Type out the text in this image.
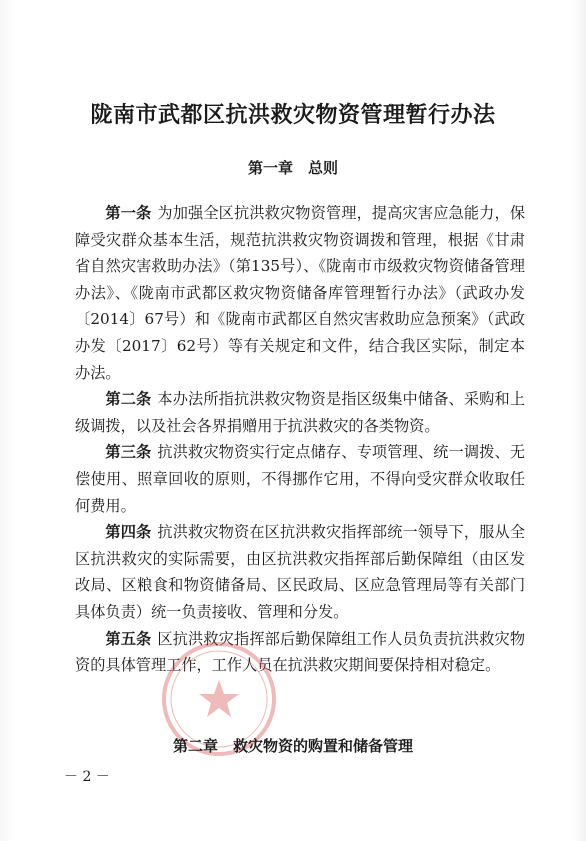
陇南市武都区抗洪救灾物资管理暂行办法
第一章　总则

第一条 为加强全区抗洪救灾物资管理，提高灾害应急能力，保障受灾群众基本生活，规范抗洪救灾物资调拨和管理，根据《甘肃省自然灾害救助办法》（第135号）、《陇南市市级救灾物资储备管理办法》、《陇南市武都区救灾物资储备库管理暂行办法》（武政办发〔2014〕67号）和《陇南市武都区自然灾害救助应急预案》（武政办发〔2017〕62号）等有关规定和文件，结合我区实际，制定本办法。

第二条 本办法所指抗洪救灾物资是指区级集中储备、采购和上级调拨，以及社会各界捐赠用于抗洪救灾的各类物资。

第三条 抗洪救灾物资实行定点储存、专项管理、统一调拨、无偿使用、照章回收的原则，不得挪作它用，不得向受灾群众收取任何费用。

第四条 抗洪救灾物资在区抗洪救灾指挥部统一领导下，服从全区抗洪救灾的实际需要，由区抗洪救灾指挥部后勤保障组（由区发改局、区粮食和物资储备局、区民政局、区应急管理局等有关部门具体负责）统一负责接收、管理和分发。

第五条 区抗洪救灾指挥部后勤保障组工作人员负责抗洪救灾物资的具体管理工作，工作人员在抗洪救灾期间要保持相对稳定。

第二章　救灾物资的购置和储备管理
－ 2 －
